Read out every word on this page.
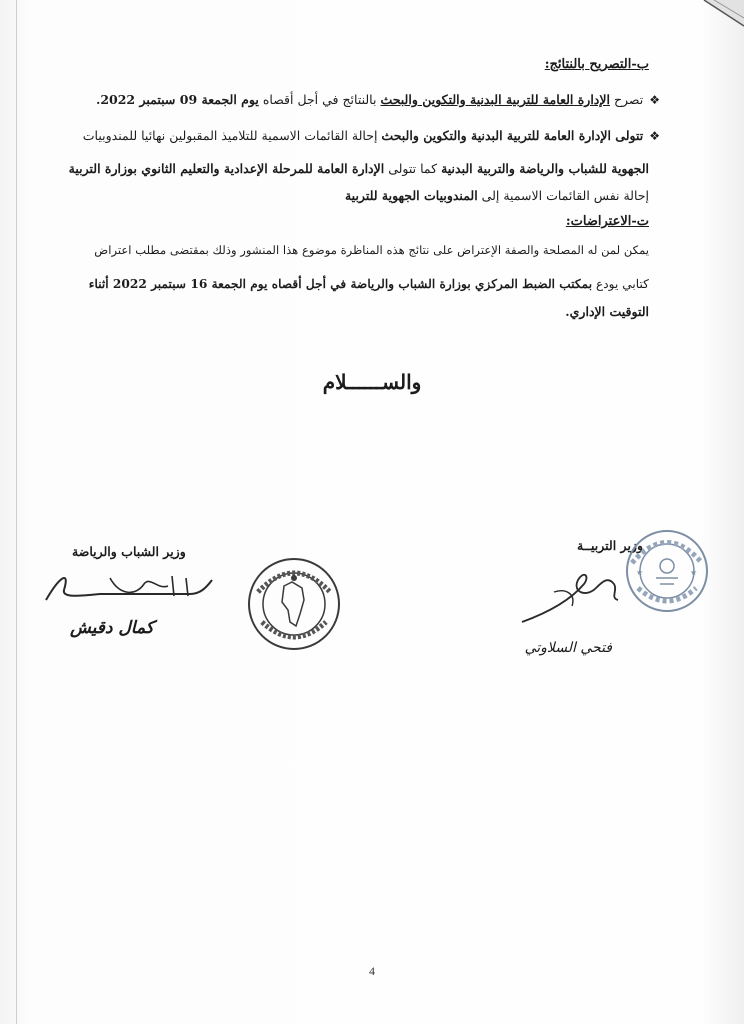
ب-التصريح بالنتائج:
❖تصرح الإدارة العامة للتربية البدنية والتكوين والبحث بالنتائج في أجل أقصاه يوم الجمعة 09 سبتمبر 2022.
❖تتولى الإدارة العامة للتربية البدنية والتكوين والبحث إحالة القائمات الاسمية للتلاميذ المقبولين نهائيا للمندوبيات
الجهوية للشباب والرياضة والتربية البدنية كما تتولى الإدارة العامة للمرحلة الإعدادية والتعليم الثانوي بوزارة التربية
إحالة نفس القائمات الاسمية إلى المندوبيات الجهوية للتربية
ت-الاعتراضات:
يمكن لمن له المصلحة والصفة الإعتراض على نتائج هذه المناظرة موضوع هذا المنشور وذلك بمقتضى مطلب اعتراض
كتابي يودع بمكتب الضبط المركزي بوزارة الشباب والرياضة في أجل أقصاه يوم الجمعة 16 سبتمبر 2022 أثناء
التوقيت الإداري.
والســــــلام
وزير التربيــة
★	★
فتحي السلاوتي
وزير الشباب والرياضة
كمال دقيش
4
